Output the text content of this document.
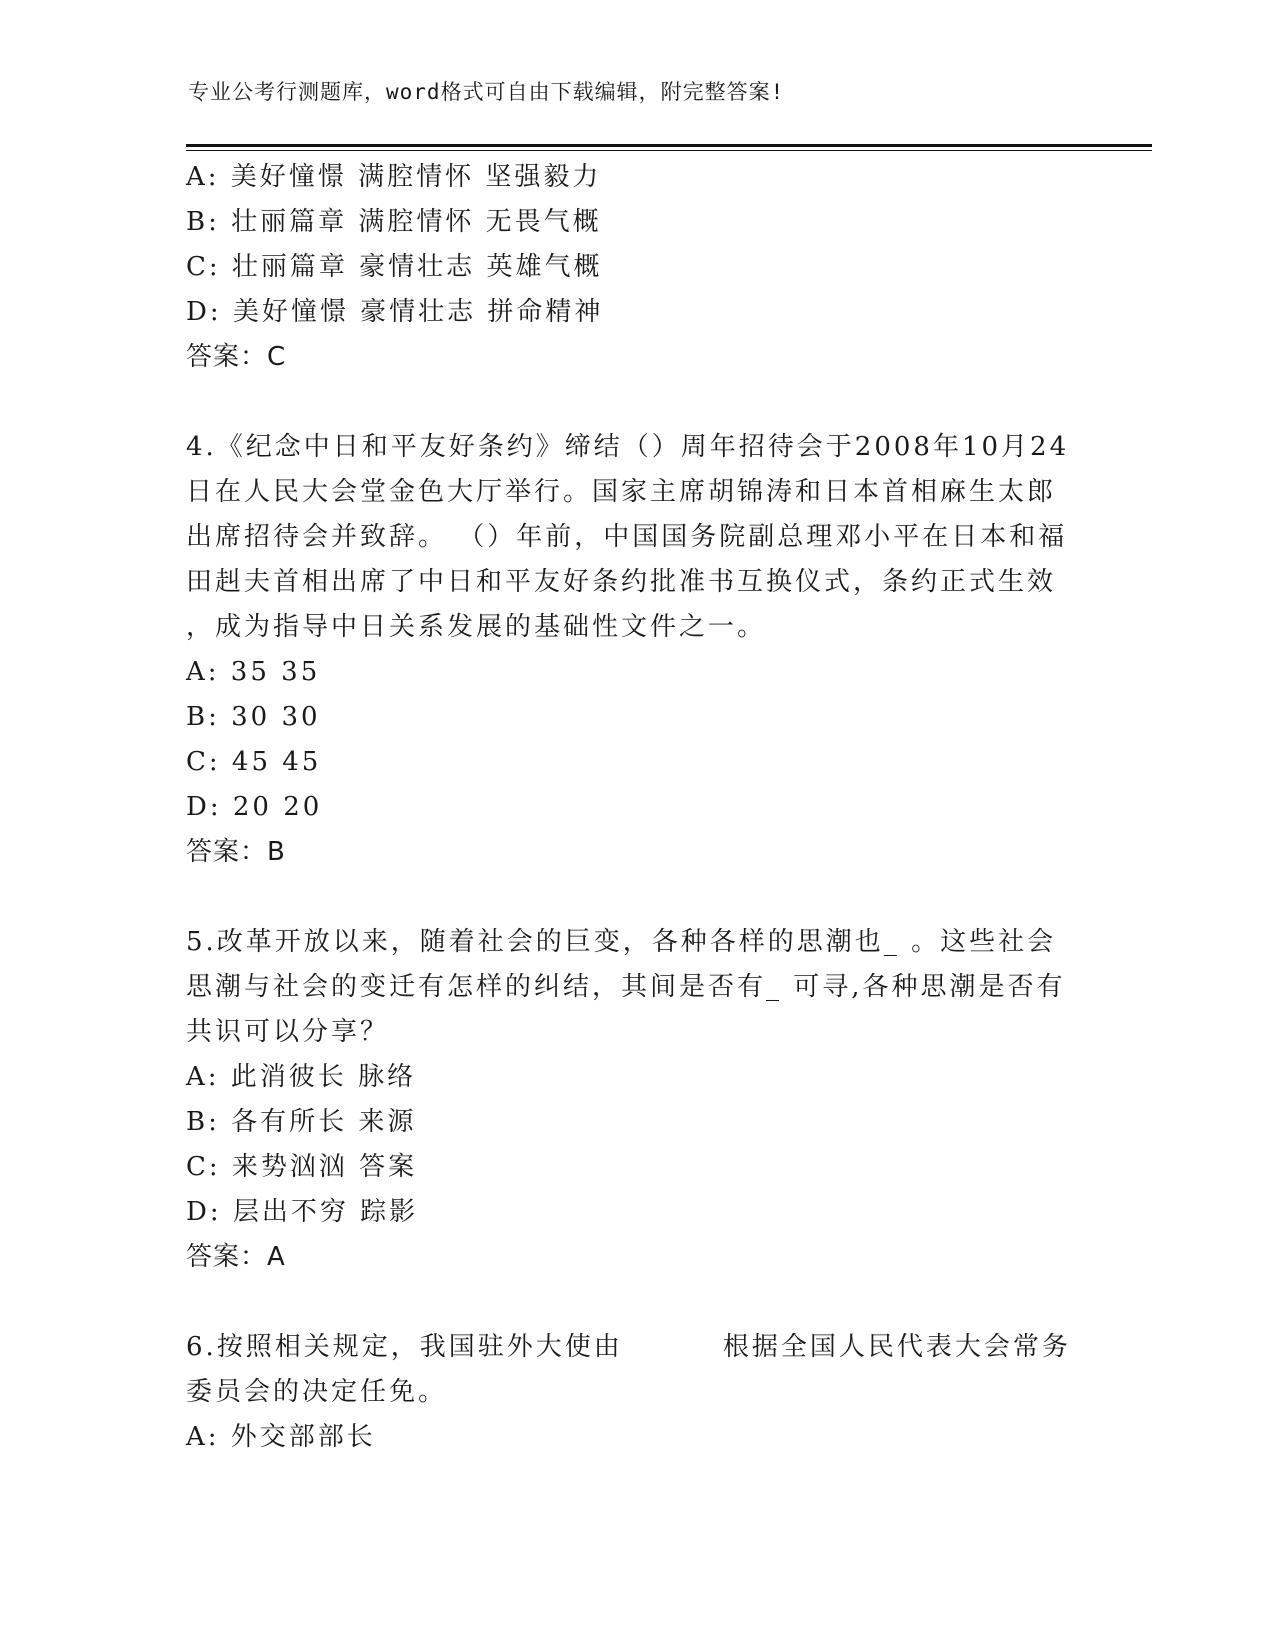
专业公考行测题库，word格式可自由下载编辑，附完整答案!
A: 美好憧憬 满腔情怀 坚强毅力
B: 壮丽篇章 满腔情怀 无畏气概
C: 壮丽篇章 豪情壮志 英雄气概
D: 美好憧憬 豪情壮志 拼命精神
答案：C
4.《纪念中日和平友好条约》缔结（）周年招待会于2008年10月24
日在人民大会堂金色大厅举行。国家主席胡锦涛和日本首相麻生太郎
出席招待会并致辞。 （）年前，中国国务院副总理邓小平在日本和福
田赳夫首相出席了中日和平友好条约批准书互换仪式，条约正式生效
，成为指导中日关系发展的基础性文件之一。
A: 35 35
B: 30 30
C: 45 45
D: 20 20
答案：B
5.改革开放以来，随着社会的巨变，各种各样的思潮也_ 。这些社会
思潮与社会的变迁有怎样的纠结，其间是否有_ 可寻,各种思潮是否有
共识可以分享？
A: 此消彼长 脉络
B: 各有所长 来源
C: 来势汹汹 答案
D: 层出不穷 踪影
答案：A
6.按照相关规定，我国驻外大使由	根据全国人民代表大会常务
委员会的决定任免。
A: 外交部部长
